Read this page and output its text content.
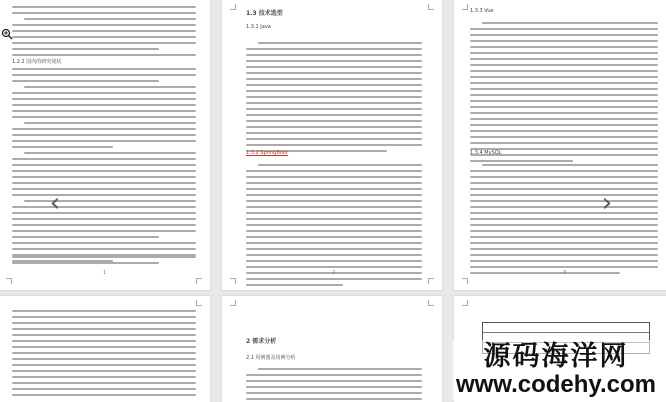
1.2.2 国内的研究现状
1
1.3 技术选型
1.3.1 Java
1.3.2 SpringBoot
2
1.3.3 Vue
1.3.4 MySQL
3
2 需求分析
2.1 用例图及用例分析
‹	›
源码海洋网
www.codehy.com
